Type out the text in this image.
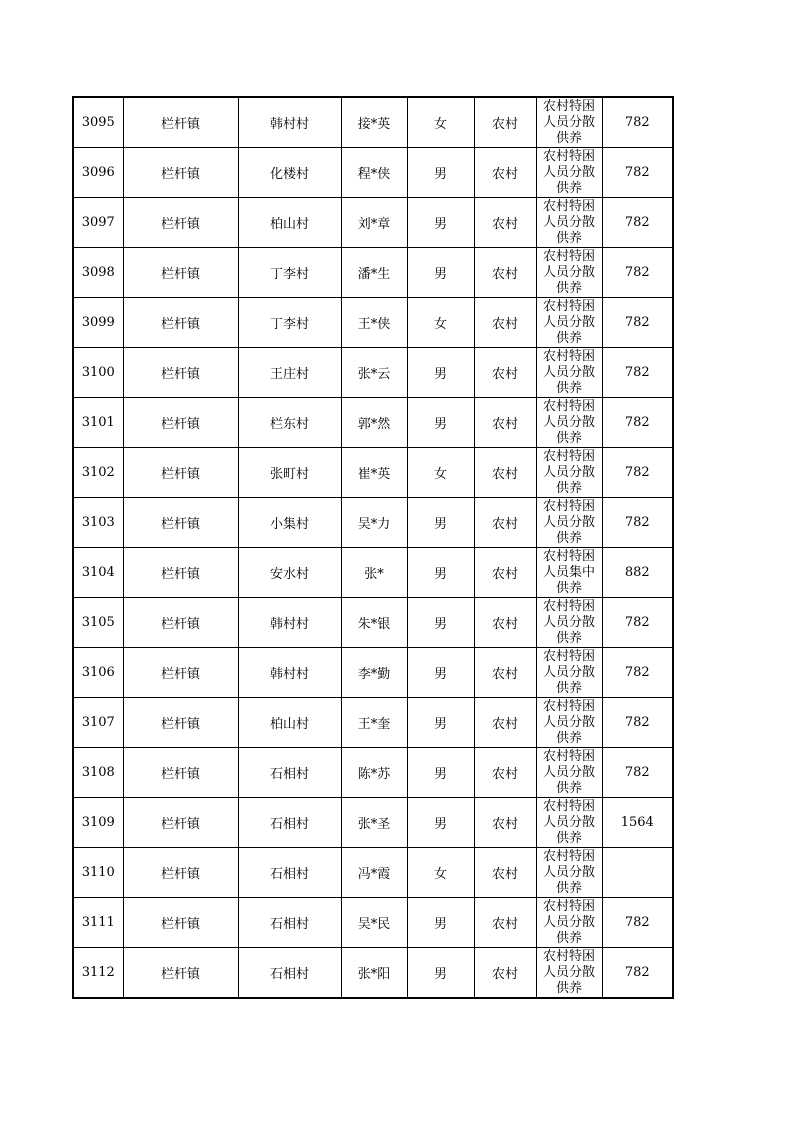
3095	栏杆镇	韩村村	接*英	女	农村	农村特困人员分散供养	782
3096	栏杆镇	化楼村	程*侠	男	农村	农村特困人员分散供养	782
3097	栏杆镇	柏山村	刘*章	男	农村	农村特困人员分散供养	782
3098	栏杆镇	丁李村	潘*生	男	农村	农村特困人员分散供养	782
3099	栏杆镇	丁李村	王*侠	女	农村	农村特困人员分散供养	782
3100	栏杆镇	王庄村	张*云	男	农村	农村特困人员分散供养	782
3101	栏杆镇	栏东村	郭*然	男	农村	农村特困人员分散供养	782
3102	栏杆镇	张町村	崔*英	女	农村	农村特困人员分散供养	782
3103	栏杆镇	小集村	吴*力	男	农村	农村特困人员分散供养	782
3104	栏杆镇	安水村	张*	男	农村	农村特困人员集中供养	882
3105	栏杆镇	韩村村	朱*银	男	农村	农村特困人员分散供养	782
3106	栏杆镇	韩村村	李*勤	男	农村	农村特困人员分散供养	782
3107	栏杆镇	柏山村	王*奎	男	农村	农村特困人员分散供养	782
3108	栏杆镇	石相村	陈*苏	男	农村	农村特困人员分散供养	782
3109	栏杆镇	石相村	张*圣	男	农村	农村特困人员分散供养	1564
3110	栏杆镇	石相村	冯*霞	女	农村	农村特困人员分散供养	

3111	栏杆镇	石相村	吴*民	男	农村	农村特困人员分散供养	782
3112	栏杆镇	石相村	张*阳	男	农村	农村特困人员分散供养	782
